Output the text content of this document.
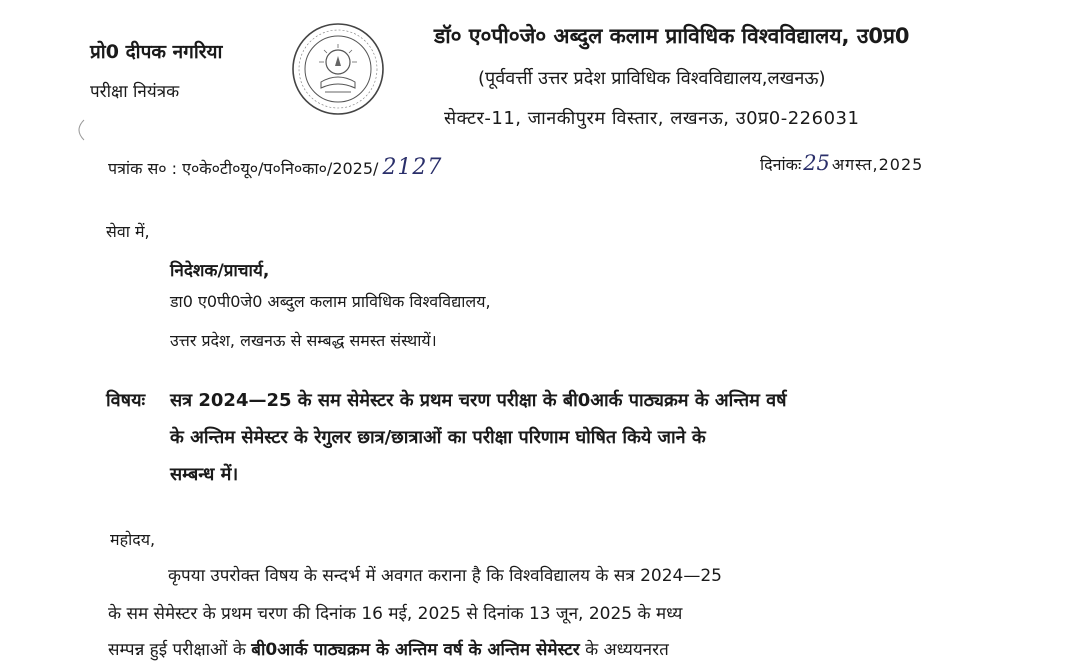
प्रो0 दीपक नगरिया
परीक्षा नियंत्रक
डॉ० ए०पी०जे० अब्दुल कलाम प्राविधिक विश्वविद्यालय, उ0प्र0
(पूर्ववर्त्ती उत्तर प्रदेश प्राविधिक विश्वविद्यालय,लखनऊ)
सेक्टर-11, जानकीपुरम विस्तार, लखनऊ, उ0प्र0-226031
पत्रांक स० : ए०के०टी०यू०/प०नि०का०/2025/ 2127	दिनांकः25 अगस्त,2025
सेवा में,
निदेशक/प्राचार्य,
डा0 ए0पी0जे0 अब्दुल कलाम प्राविधिक विश्वविद्यालय,
उत्तर प्रदेश, लखनऊ से सम्बद्ध समस्त संस्थायें।
विषयः सत्र 2024—25 के सम सेमेस्टर के प्रथम चरण परीक्षा के बी0आर्क पाठ्यक्रम के अन्तिम वर्ष
के अन्तिम सेमेस्टर के रेगुलर छात्र/छात्राओं का परीक्षा परिणाम घोषित किये जाने के
सम्बन्ध में।
महोदय,
कृपया उपरोक्त विषय के सन्दर्भ में अवगत कराना है कि विश्वविद्यालय के सत्र 2024—25
के सम सेमेस्टर के प्रथम चरण की दिनांक 16 मई, 2025 से दिनांक 13 जून, 2025 के मध्य
सम्पन्न हुई परीक्षाओं के बी0आर्क पाठ्यक्रम के अन्तिम वर्ष के अन्तिम सेमेस्टर के अध्ययनरत
